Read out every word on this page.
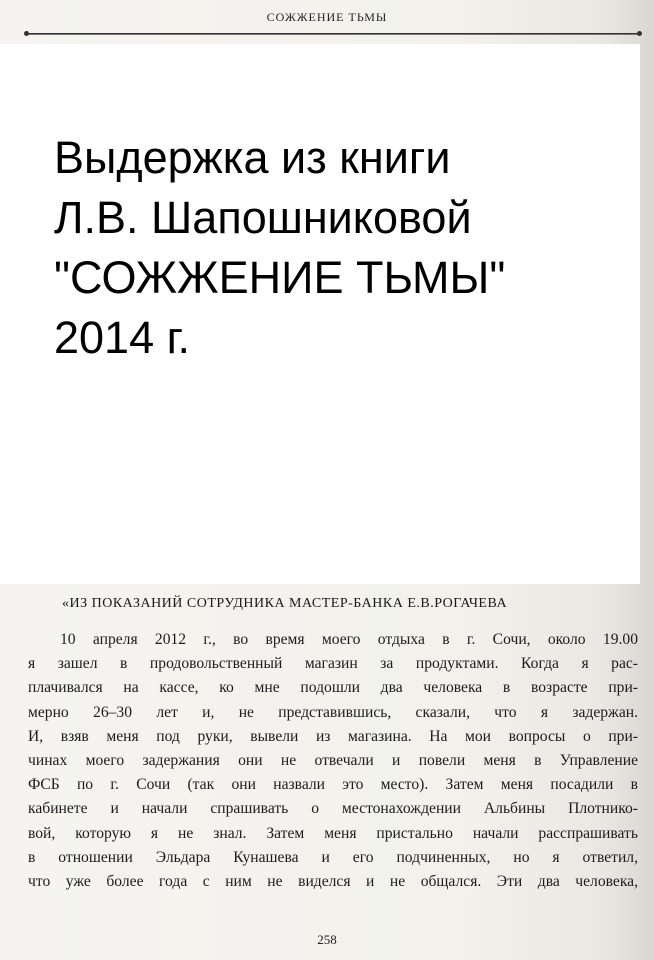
СОЖЖЕНИЕ ТЬМЫ
Выдержка из книги
Л.В. Шапошниковой
"СОЖЖЕНИЕ ТЬМЫ"
2014 г.
«ИЗ ПОКАЗАНИЙ СОТРУДНИКА МАСТЕР-БАНКА Е.В.РОГАЧЕВА
10 апреля 2012 г., во время моего отдыха в г. Сочи, около 19.00
я зашел в продовольственный магазин за продуктами. Когда я рас-
плачивался на кассе, ко мне подошли два человека в возрасте при-
мерно 26–30 лет и, не представившись, сказали, что я задержан.
И, взяв меня под руки, вывели из магазина. На мои вопросы о при-
чинах моего задержания они не отвечали и повели меня в Управление
ФСБ по г. Сочи (так они назвали это место). Затем меня посадили в
кабинете и начали спрашивать о местонахождении Альбины Плотнико-
вой, которую я не знал. Затем меня пристально начали расспрашивать
в отношении Эльдара Кунашева и его подчиненных, но я ответил,
что уже более года с ним не виделся и не общался. Эти два человека,
258
